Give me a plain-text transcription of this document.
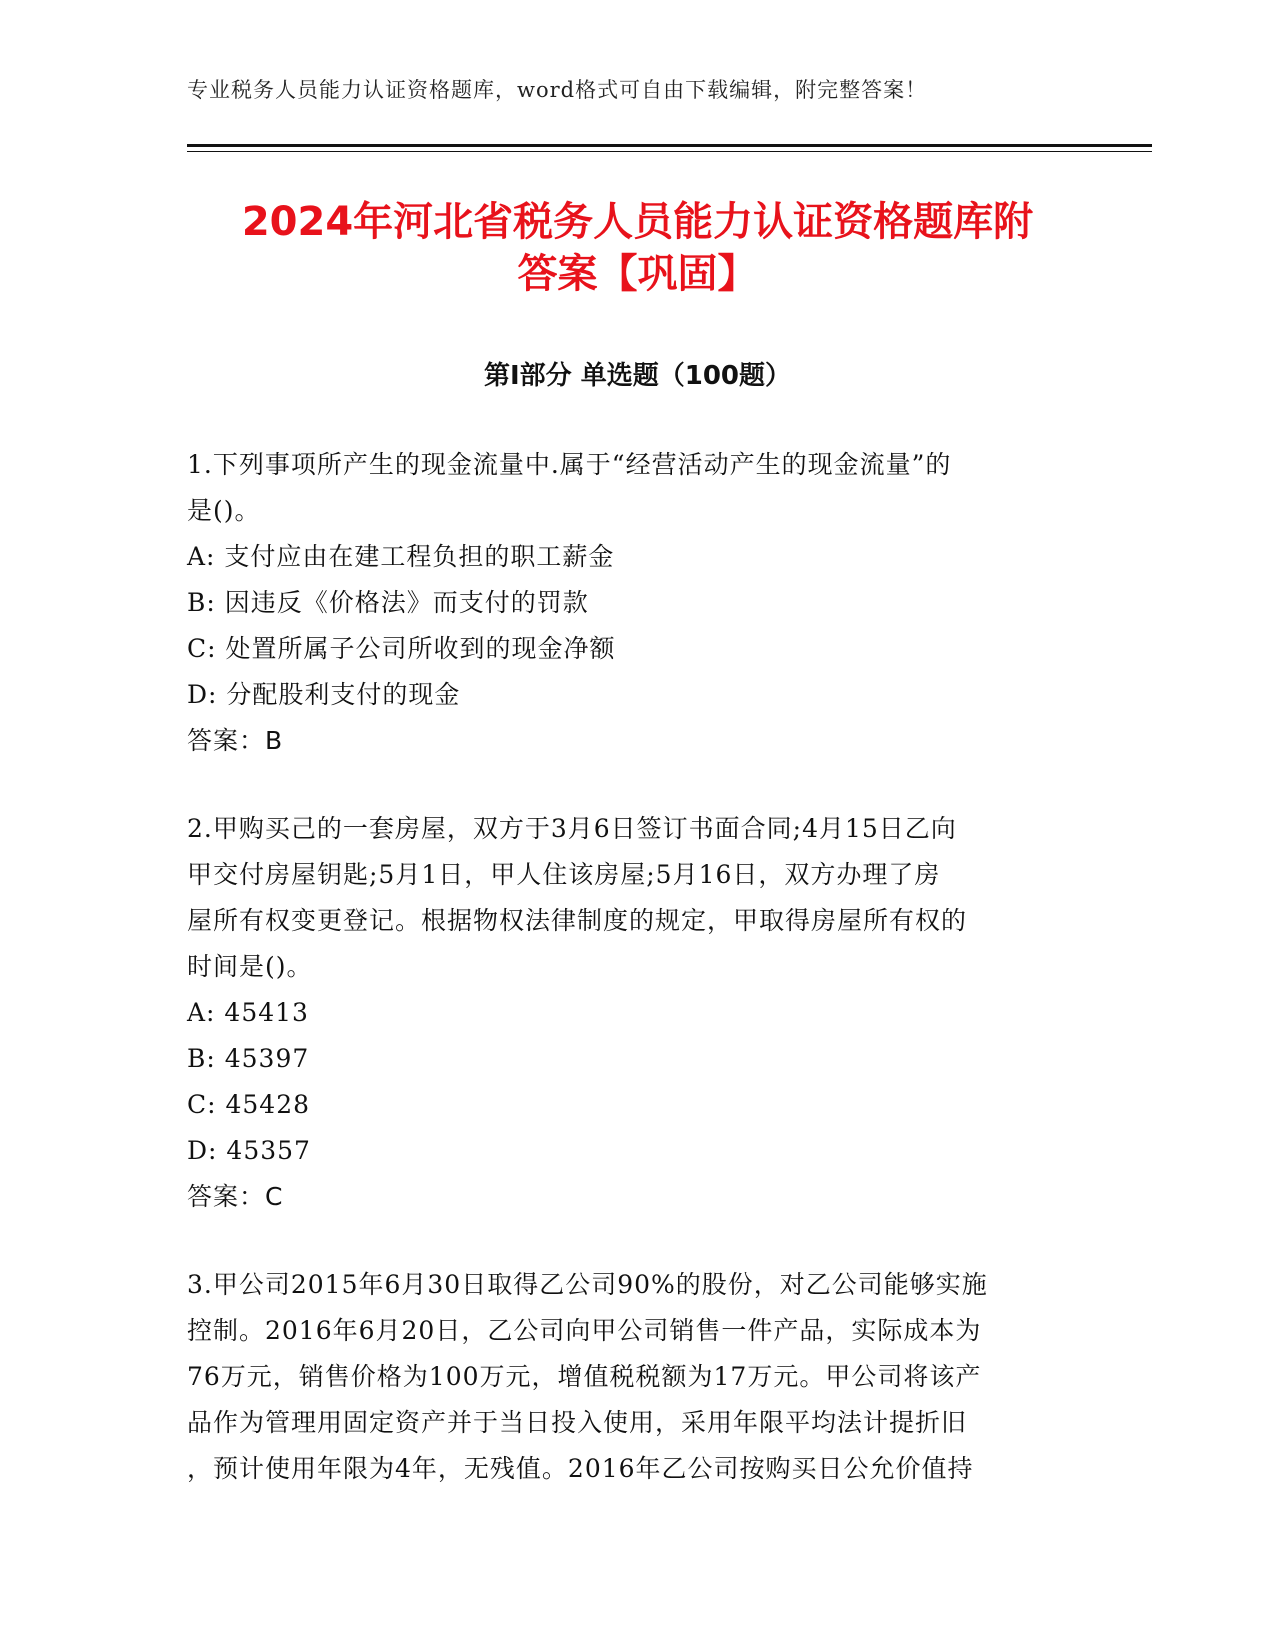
专业税务人员能力认证资格题库，word格式可自由下载编辑，附完整答案！
2024年河北省税务人员能力认证资格题库附
答案【巩固】
第I部分 单选题（100题）

1.下列事项所产生的现金流量中.属于“经营活动产生的现金流量”的

是()。

A: 支付应由在建工程负担的职工薪金

B: 因违反《价格法》而支付的罚款

C: 处置所属子公司所收到的现金净额

D: 分配股利支付的现金

答案：B

2.甲购买己的一套房屋，双方于3月6日签订书面合同;4月15日乙向

甲交付房屋钥匙;5月1日，甲人住该房屋;5月16日，双方办理了房

屋所有权变更登记。根据物权法律制度的规定，甲取得房屋所有权的

时间是()。

A: 45413

B: 45397

C: 45428

D: 45357

答案：C

3.甲公司2015年6月30日取得乙公司90%的股份，对乙公司能够实施

控制。2016年6月20日，乙公司向甲公司销售一件产品，实际成本为

76万元，销售价格为100万元，增值税税额为17万元。甲公司将该产

品作为管理用固定资产并于当日投入使用，采用年限平均法计提折旧

，预计使用年限为4年，无残值。2016年乙公司按购买日公允价值持
